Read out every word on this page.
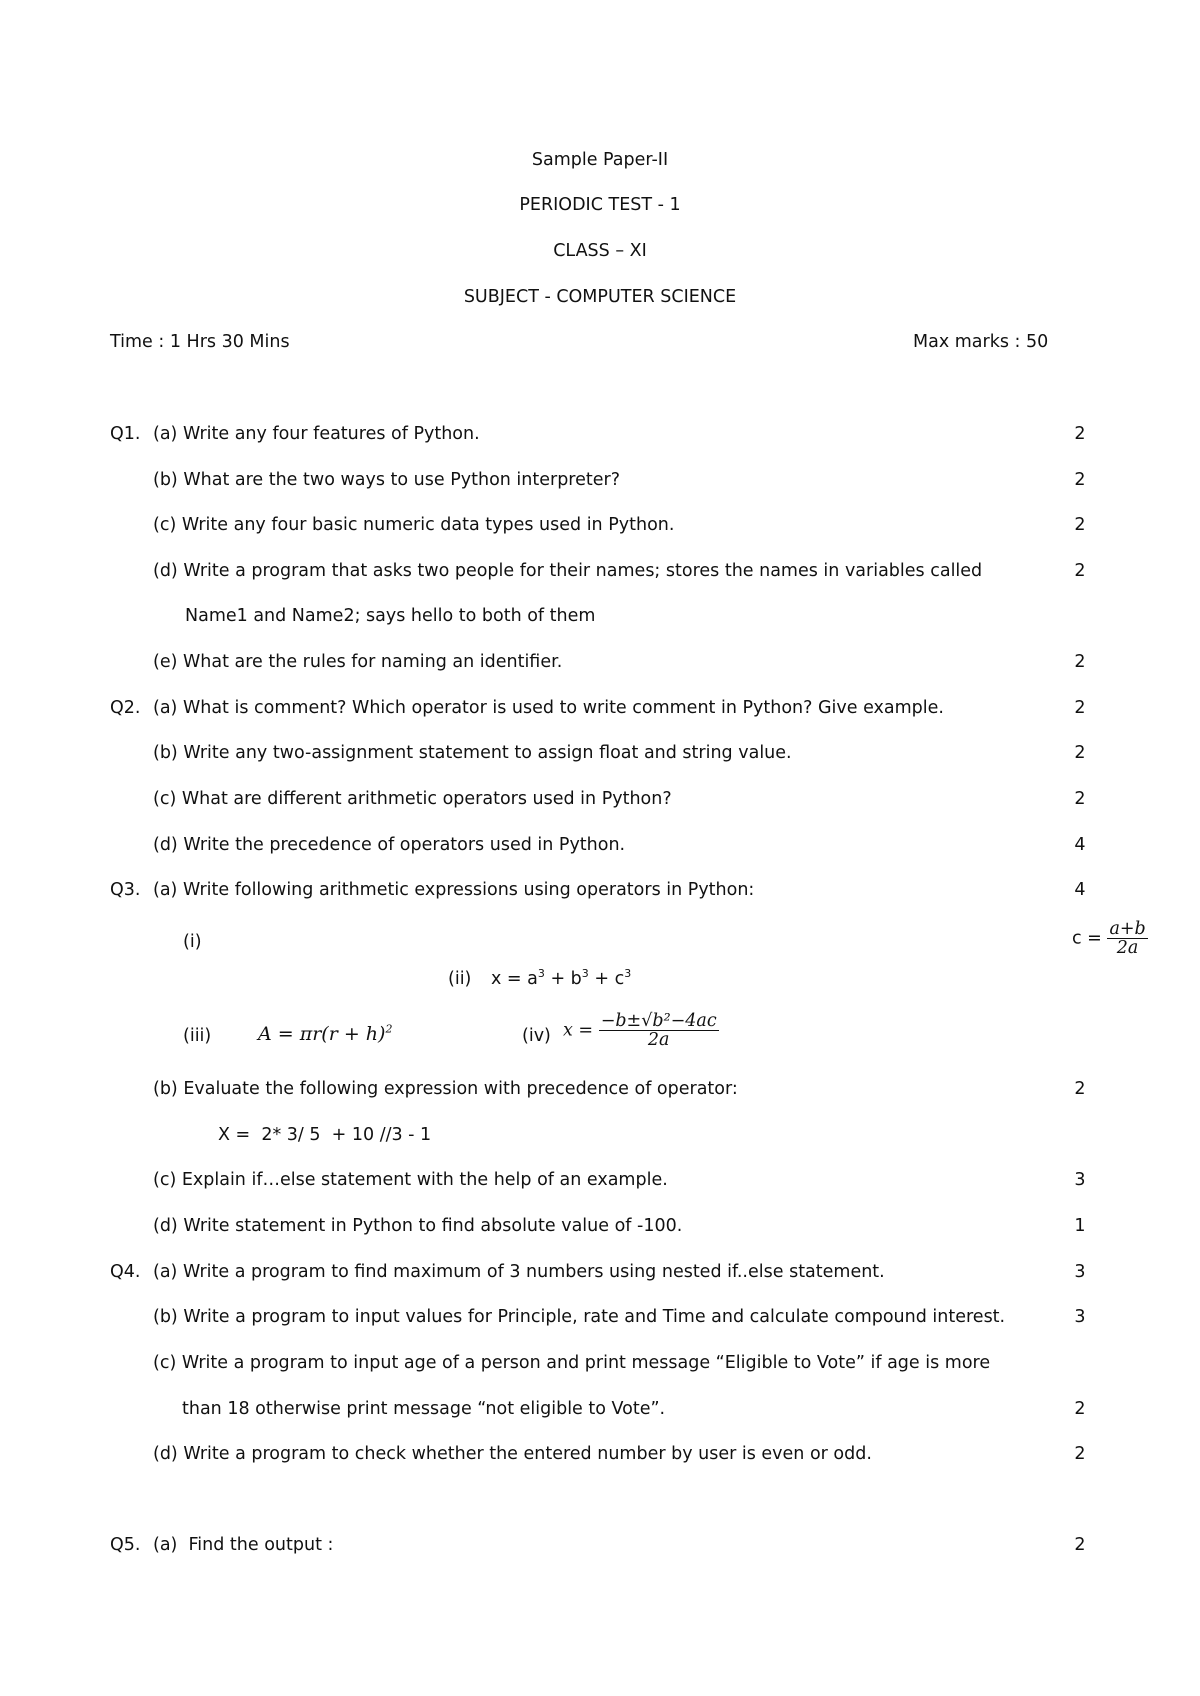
Sample Paper-II
PERIODIC TEST - 1
CLASS – XI
SUBJECT - COMPUTER SCIENCE
Time : 1 Hrs 30 Mins	Max marks : 50
Q1. (a) Write any four features of Python.	2
(b) What are the two ways to use Python interpreter?	2
(c) Write any four basic numeric data types used in Python.	2
(d) Write a program that asks two people for their names; stores the names in variables called	2
Name1 and Name2; says hello to both of them
(e) What are the rules for naming an identifier.	2
Q2. (a) What is comment? Which operator is used to write comment in Python? Give example.	2
(b) Write any two-assignment statement to assign float and string value.	2
(c) What are different arithmetic operators used in Python?	2
(d) Write the precedence of operators used in Python.	4
Q3. (a) Write following arithmetic expressions using operators in Python:	4
(i)	$c = \frac{a+b}{2a}$
(ii) $x = a^3 + b^3 + c^3$
(iii) $A = \pi r(r + h)^2$	(iv) $x = \frac{\text{−b±√b²−4ac}}{2a}$
(b) Evaluate the following expression with precedence of operator:	2
X =  2* 3/ 5  + 10 //3 - 1
(c) Explain if…else statement with the help of an example.	3
(d) Write statement in Python to find absolute value of -100.	1
Q4. (a) Write a program to find maximum of 3 numbers using nested if..else statement.	3
(b) Write a program to input values for Principle, rate and Time and calculate compound interest.	3
(c) Write a program to input age of a person and print message “Eligible to Vote” if age is more
than 18 otherwise print message “not eligible to Vote”.	2
(d) Write a program to check whether the entered number by user is even or odd.	2
Q5. (a)  Find the output :	2
